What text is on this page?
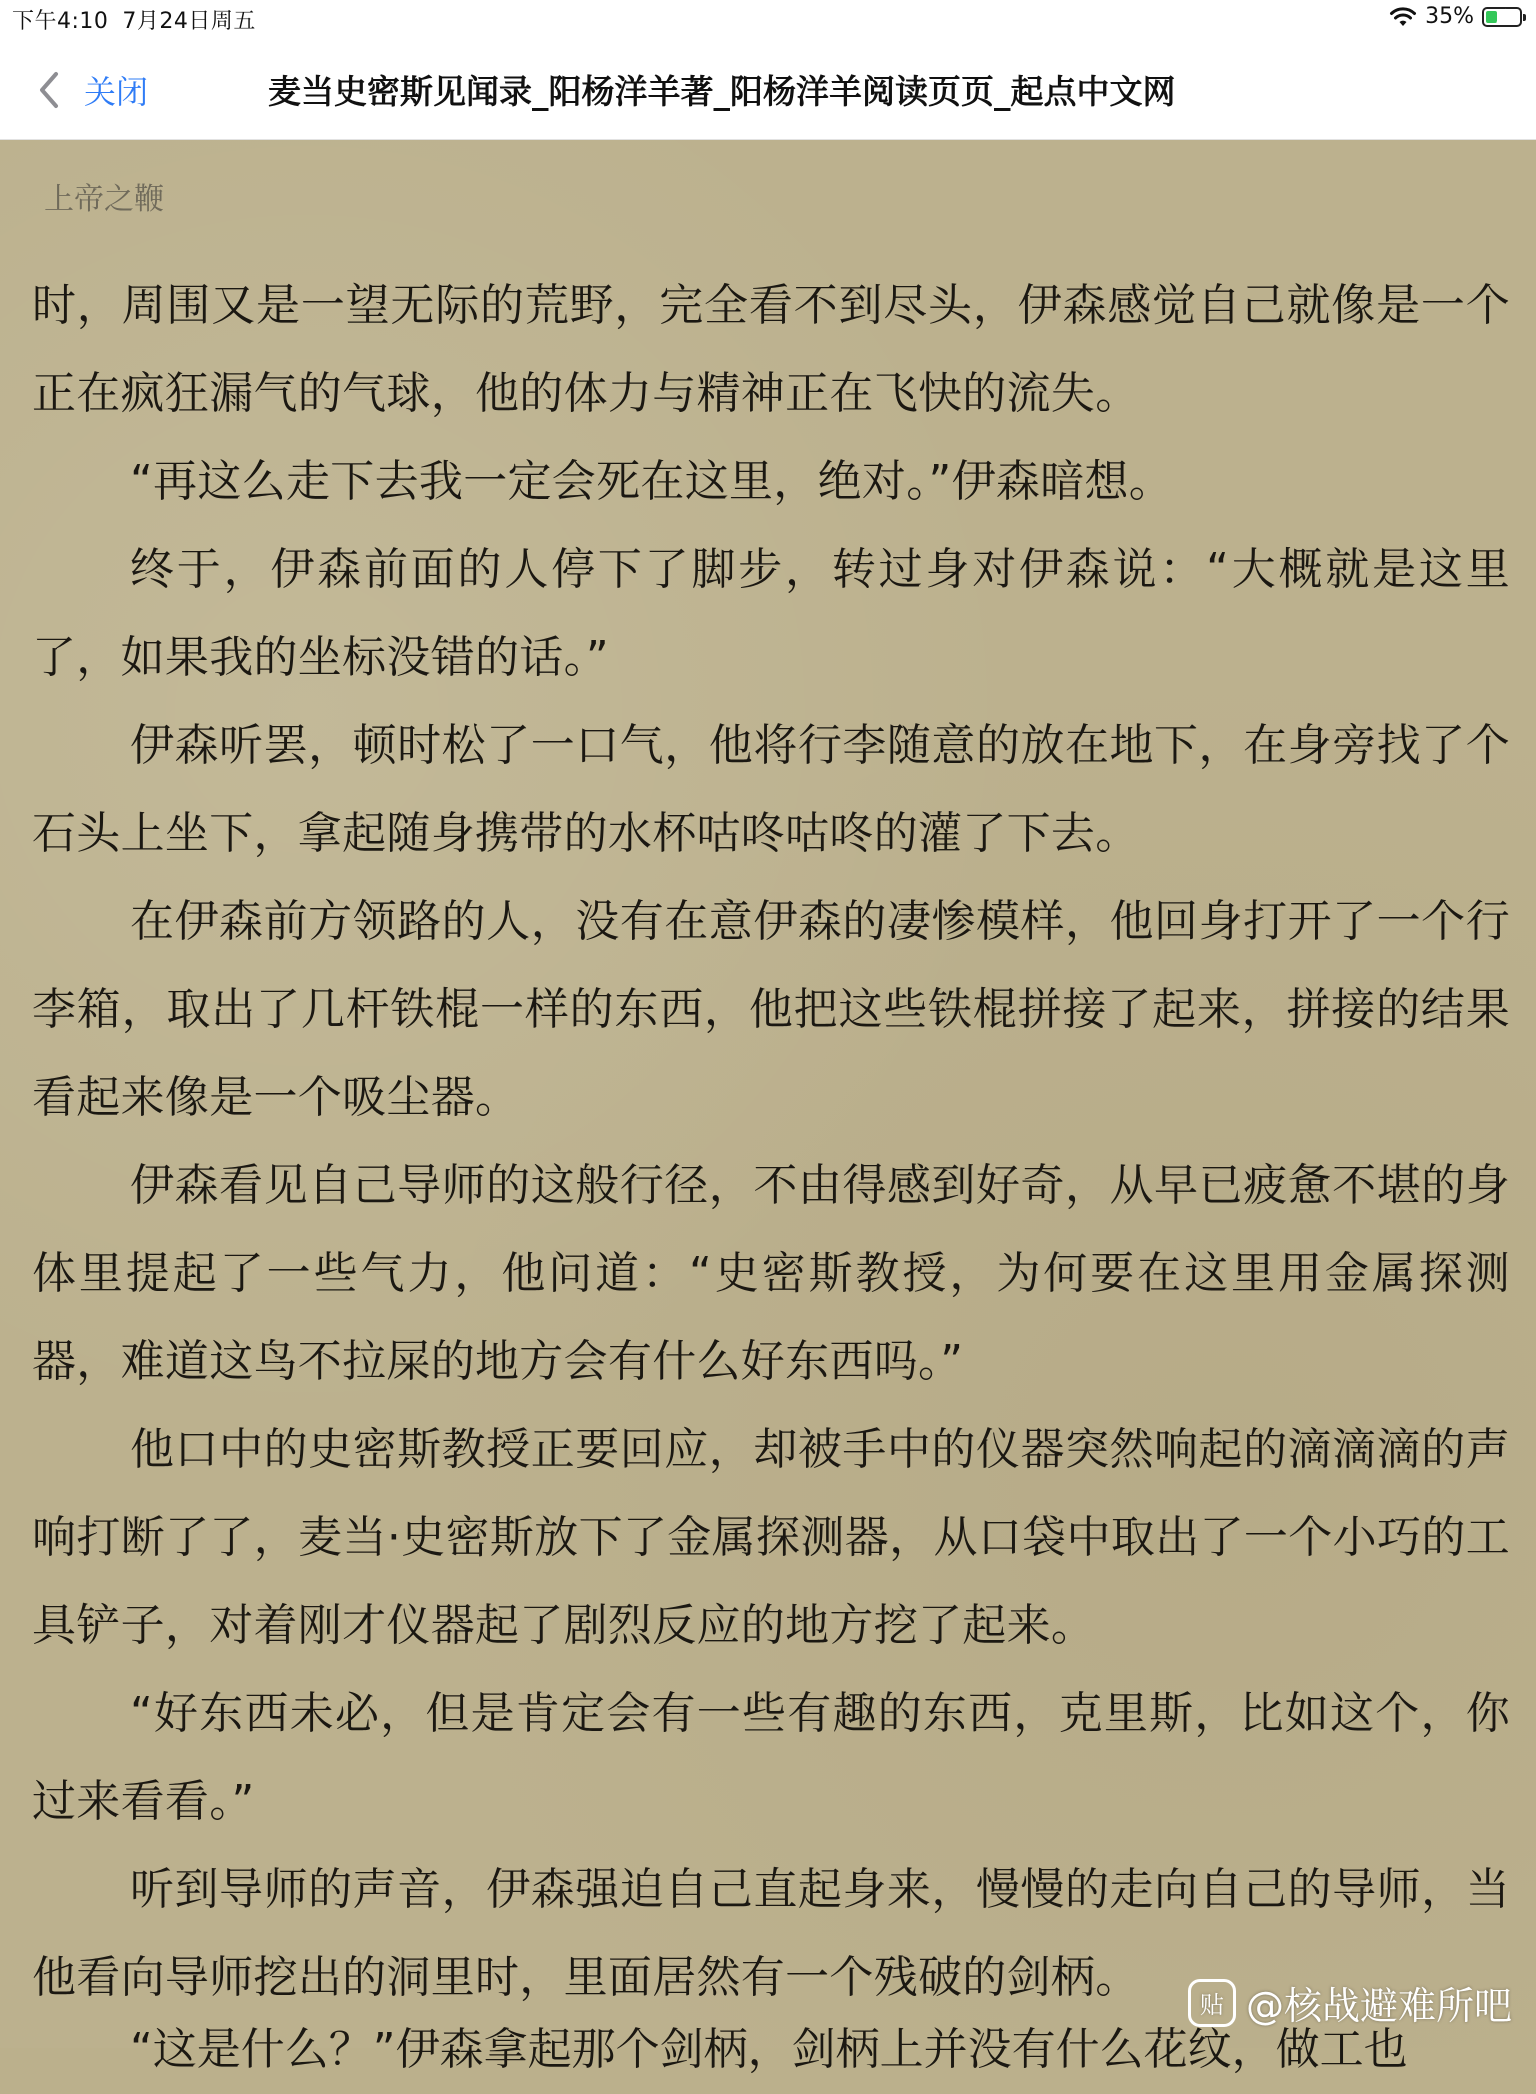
下午4:10 7月24日周五	35% ⚡
关闭	麦当史密斯见闻录_阳杨洋羊著_阳杨洋羊阅读页页_起点中文网
上帝之鞭

时，周围又是一望无际的荒野，完全看不到尽头，伊森感觉自己就像是一个正在疯狂漏气的气球，他的体力与精神正在飞快的流失。

“再这么走下去我一定会死在这里，绝对。”伊森暗想。

终于，伊森前面的人停下了脚步，转过身对伊森说：“大概就是这里了，如果我的坐标没错的话。”

伊森听罢，顿时松了一口气，他将行李随意的放在地下，在身旁找了个石头上坐下，拿起随身携带的水杯咕咚咕咚的灌了下去。

在伊森前方领路的人，没有在意伊森的凄惨模样，他回身打开了一个行李箱，取出了几杆铁棍一样的东西，他把这些铁棍拼接了起来，拼接的结果看起来像是一个吸尘器。

伊森看见自己导师的这般行径，不由得感到好奇，从早已疲惫不堪的身体里提起了一些气力，他问道：“史密斯教授，为何要在这里用金属探测器，难道这鸟不拉屎的地方会有什么好东西吗。”

他口中的史密斯教授正要回应，却被手中的仪器突然响起的滴滴滴的声响打断了了，麦当·史密斯放下了金属探测器，从口袋中取出了一个小巧的工具铲子，对着刚才仪器起了剧烈反应的地方挖了起来。

“好东西未必，但是肯定会有一些有趣的东西，克里斯，比如这个，你过来看看。”

听到导师的声音，伊森强迫自己直起身来，慢慢的走向自己的导师，当他看向导师挖出的洞里时，里面居然有一个残破的剑柄。

“这是什么？”伊森拿起那个剑柄，剑柄上并没有什么花纹，做工也
贴 @核战避难所吧
